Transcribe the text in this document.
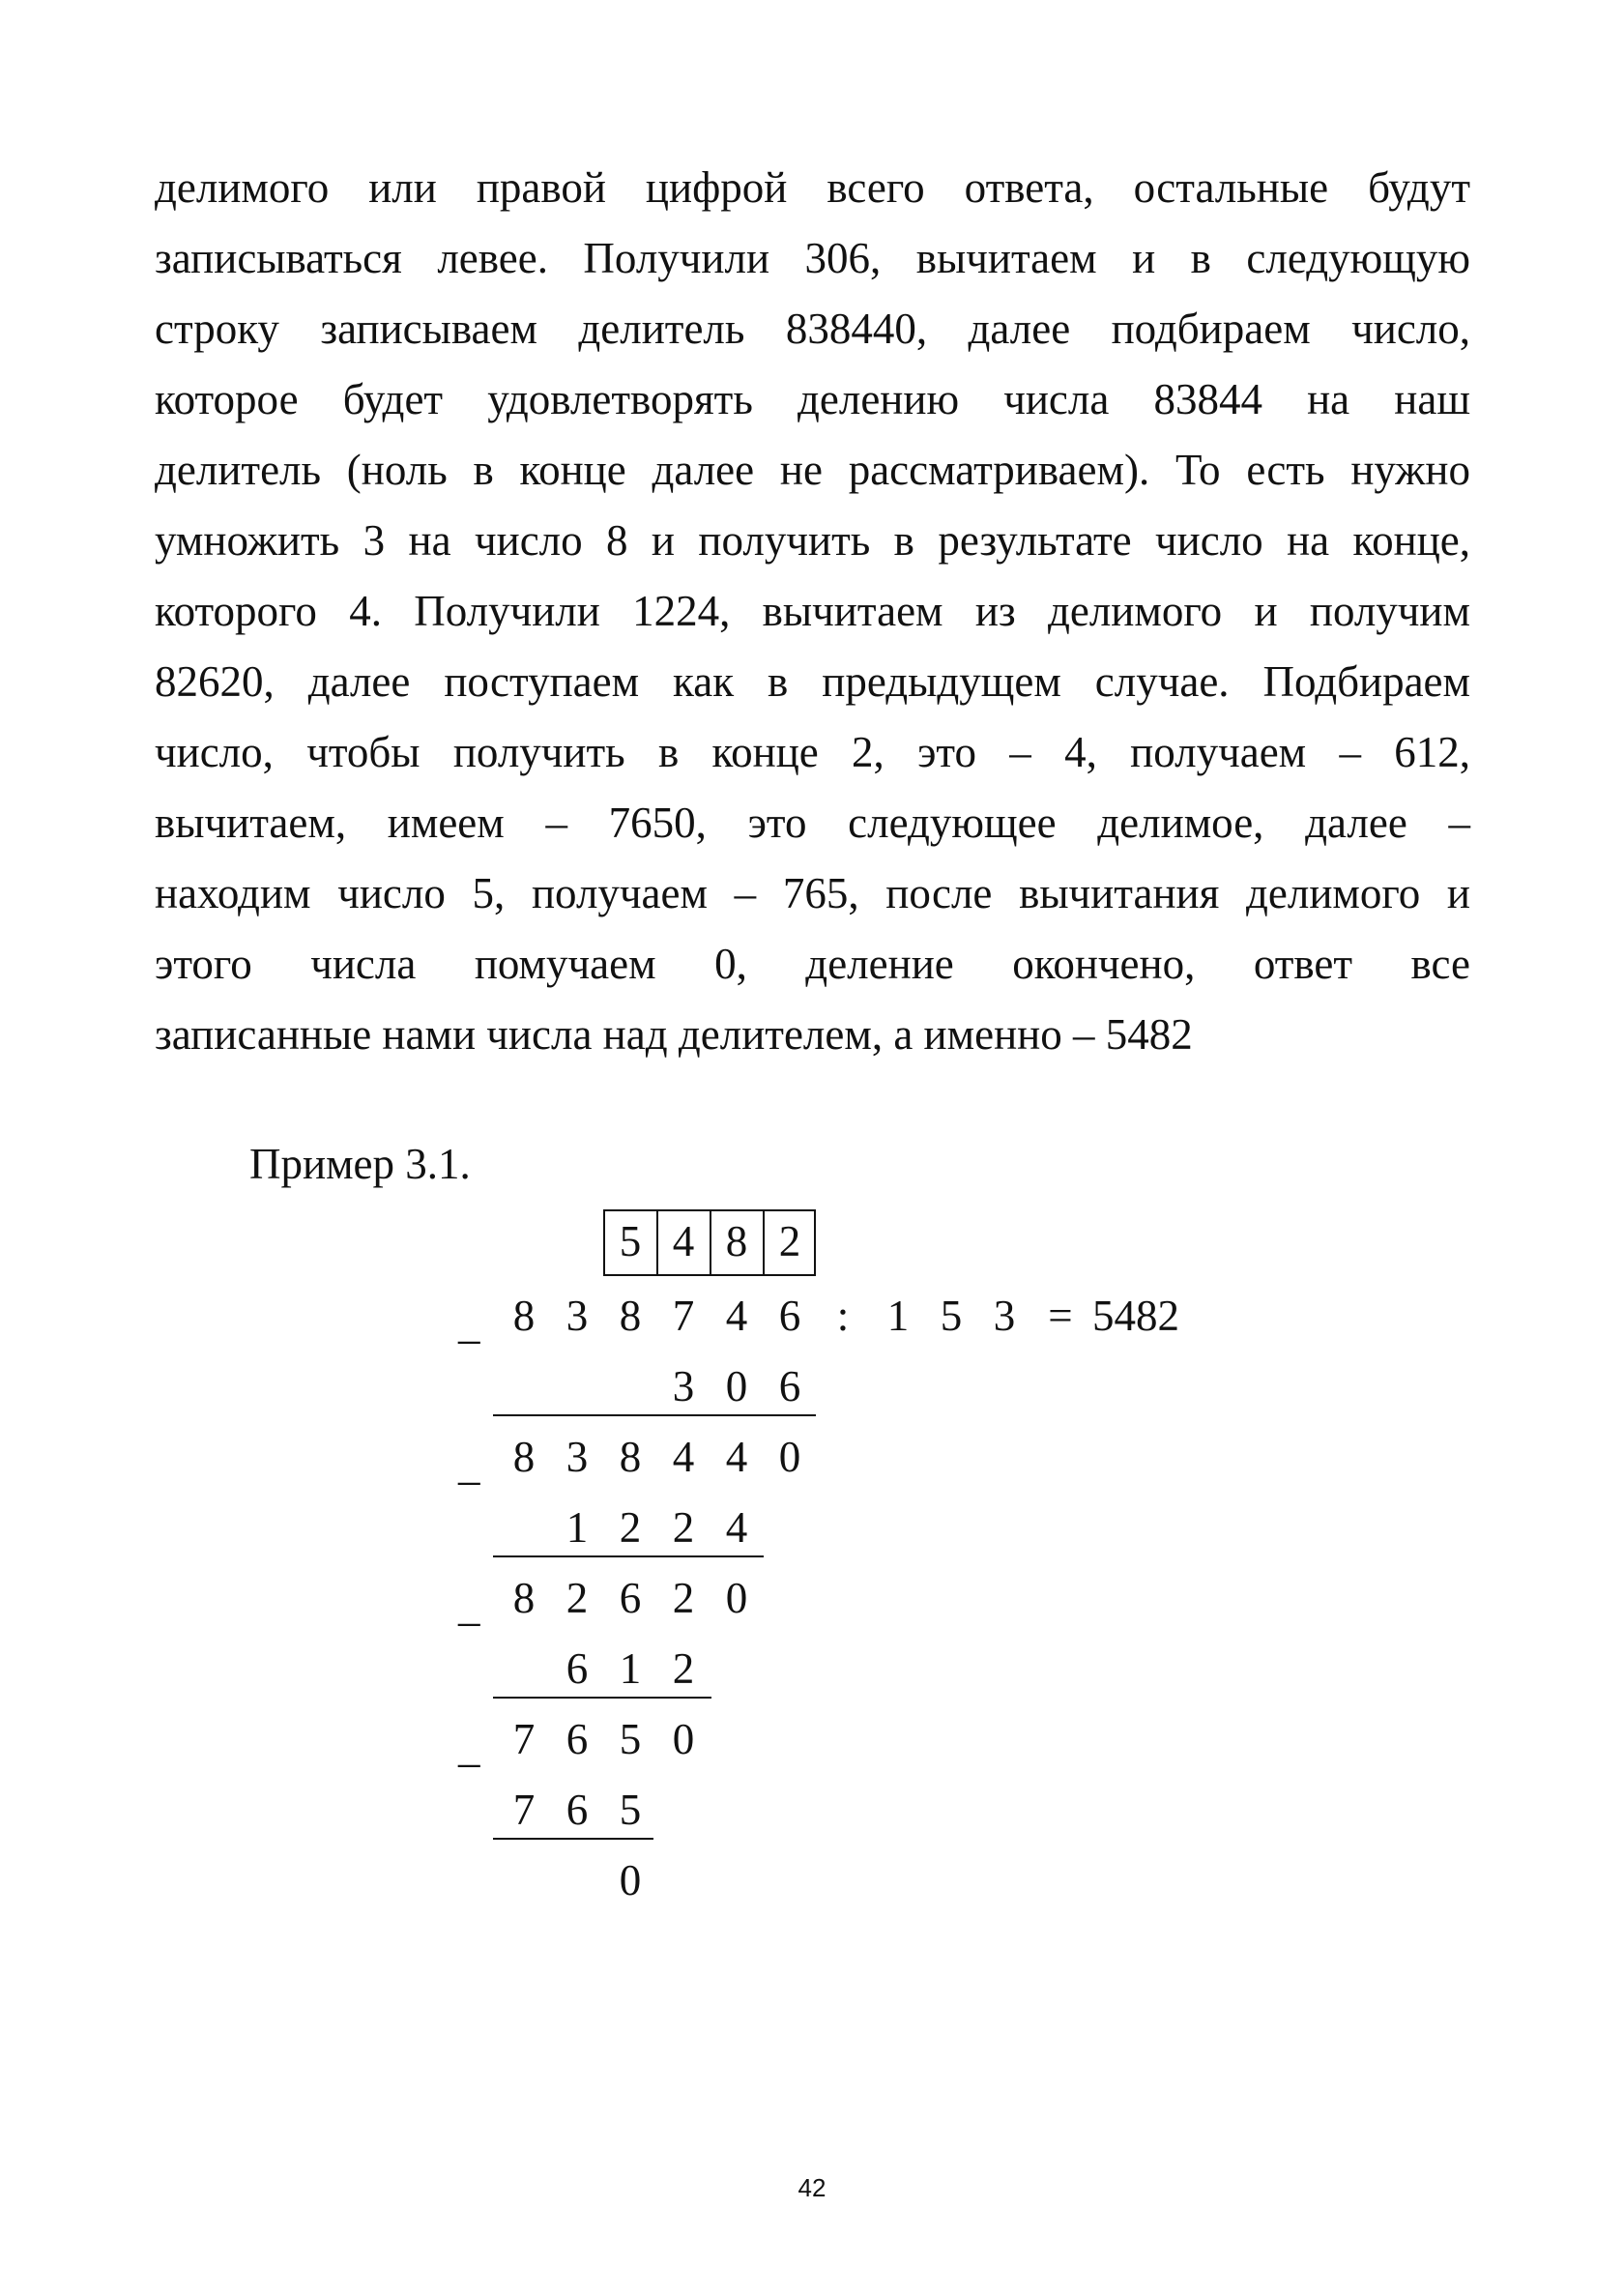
делимого или правой цифрой всего ответа, остальные будут
записываться левее. Получили 306, вычитаем и в следующую
строку записываем делитель 838440, далее подбираем число,
которое будет удовлетворять делению числа 83844 на наш
делитель (ноль в конце далее не рассматриваем). То есть нужно
умножить 3 на число 8 и получить в результате число на конце,
которого 4. Получили 1224, вычитаем из делимого и получим
82620, далее поступаем как в предыдущем случае. Подбираем
число, чтобы получить в конце 2, это – 4, получаем – 612,
вычитаем, имеем – 7650, это следующее делимое, далее –
находим число 5, получаем – 765, после вычитания делимого и
этого числа помучаем 0, деление окончено, ответ все
записанные нами числа над делителем, а именно – 5482
Пример 3.1.
5 4 8 2
_ 8 3 8 7 4 6 : 1 5 3 = 5482
3 0 6
_ 8 3 8 4 4 0
1 2 2 4
_ 8 2 6 2 0
6 1 2
_ 7 6 5 0
7 6 5
0
42
